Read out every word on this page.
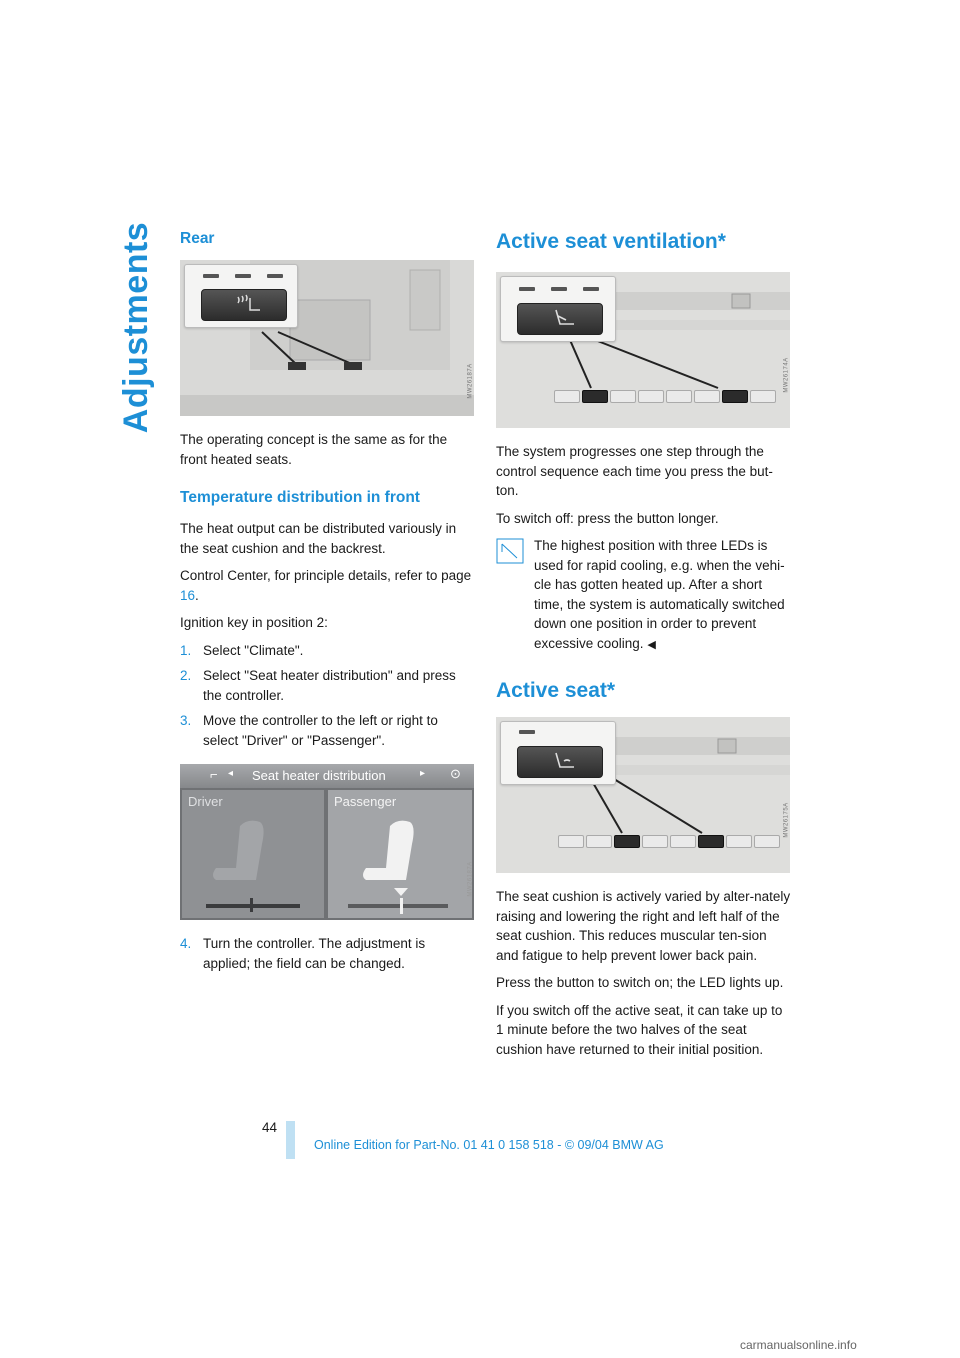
Adjustments Rear
MW26187A

The operating concept is the same as for the front heated seats.

Temperature distribution in front

The heat output can be distributed variously in the seat cushion and the backrest.

Control Center, for principle details, refer to page 16.

Ignition key in position 2:

1. Select "Climate".
2. Select "Seat heater distribution" and press the controller.
3. Move the controller to the left or right to select "Driver" or "Passenger".
⌐ ◂ Seat heater distribution	▸ ⊙
Driver	Passenger
MW26187A
4. Turn the controller. The adjustment is applied; the field can be changed.
Active seat ventilation*
MW26174A

The system progresses one step through the control sequence each time you press the but-ton.

To switch off: press the button longer.

The highest position with three LEDs is used for rapid cooling, e.g. when the vehi-cle has gotten heated up. After a short time, the system is automatically switched down one position in order to prevent excessive cooling. ◀

Active seat*
MW26175A

The seat cushion is actively varied by alter-nately raising and lowering the right and left half of the seat cushion. This reduces muscular ten-sion and fatigue to help prevent lower back pain.

Press the button to switch on; the LED lights up.

If you switch off the active seat, it can take up to 1 minute before the two halves of the seat cushion have returned to their initial position.

44
Online Edition for Part-No. 01 41 0 158 518 - © 09/04 BMW AG
carmanualsonline.info
